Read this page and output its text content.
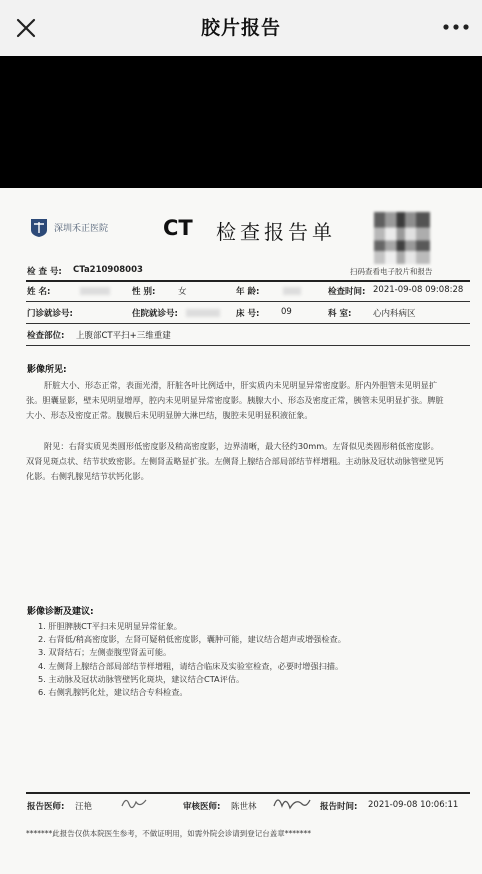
胶片报告
深圳禾正医院	CT 检查报告单
扫码查看电子胶片和报告
检 查 号: CTa210908003
姓 名:	性 别:	女	年 龄:	检查时间: 2021-09-08 09:08:28
门诊就诊号:	住院就诊号:	床 号:	09	科 室:	心内科病区
检查部位: 上腹部CT平扫+三维重建
影像所见:
肝脏大小、形态正常，表面光滑，肝脏各叶比例适中，肝实质内未见明显异常密度影。肝内外胆管未见明显扩张。胆囊显影，壁未见明显增厚，腔内未见明显异常密度影。胰腺大小、形态及密度正常，胰管未见明显扩张。脾脏大小、形态及密度正常。腹膜后未见明显肿大淋巴结，腹腔未见明显积液征象。
附见：右肾实质见类圆形低密度影及稍高密度影，边界清晰，最大径约30mm。左肾似见类圆形稍低密度影。双肾见斑点状、结节状致密影。左侧肾盂略显扩张。左侧肾上腺结合部局部结节样增粗。主动脉及冠状动脉管壁见钙化影。右侧乳腺见结节状钙化影。
影像诊断及建议:
1. 肝胆脾胰CT平扫未见明显异常征象。
2. 右肾低/稍高密度影，左肾可疑稍低密度影，囊肿可能，建议结合超声或增强检查。
3. 双肾结石；左侧壶腹型肾盂可能。
4. 左侧肾上腺结合部局部结节样增粗，请结合临床及实验室检查，必要时增强扫描。
5. 主动脉及冠状动脉管壁钙化斑块，建议结合CTA评估。
6. 右侧乳腺钙化灶，建议结合专科检查。
报告医师: 汪艳	审核医师: 陈世林	报告时间: 2021-09-08 10:06:11
*******此报告仅供本院医生参考，不做证明用，如需外院会诊请到登记台盖章*******
